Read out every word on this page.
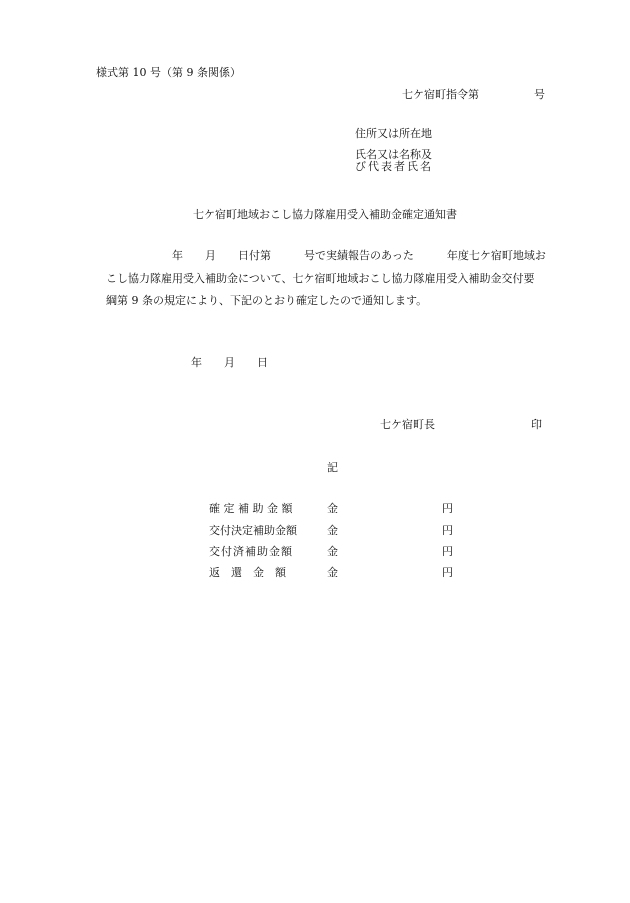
様式第 10 号（第 9 条関係）
七ケ宿町指令第　　　　　号
住所又は所在地
氏名又は名称及
び代表者氏名
七ケ宿町地域おこし協力隊雇用受入補助金確定通知書
　　　　　　　年　　月　　日付第　　　号で実績報告のあった　　　年度七ケ宿町地域お
　こし協力隊雇用受入補助金について、七ケ宿町地域おこし協力隊雇用受入補助金交付要
　綱第 9 条の規定により、下記のとおり確定したので通知します。
年　　月　　日
七ケ宿町長	印
記
確 定 補 助 金 額	金	円
交付決定補助金額	金	円
交付済補助金額	金	円
返　還　金　額	金	円
